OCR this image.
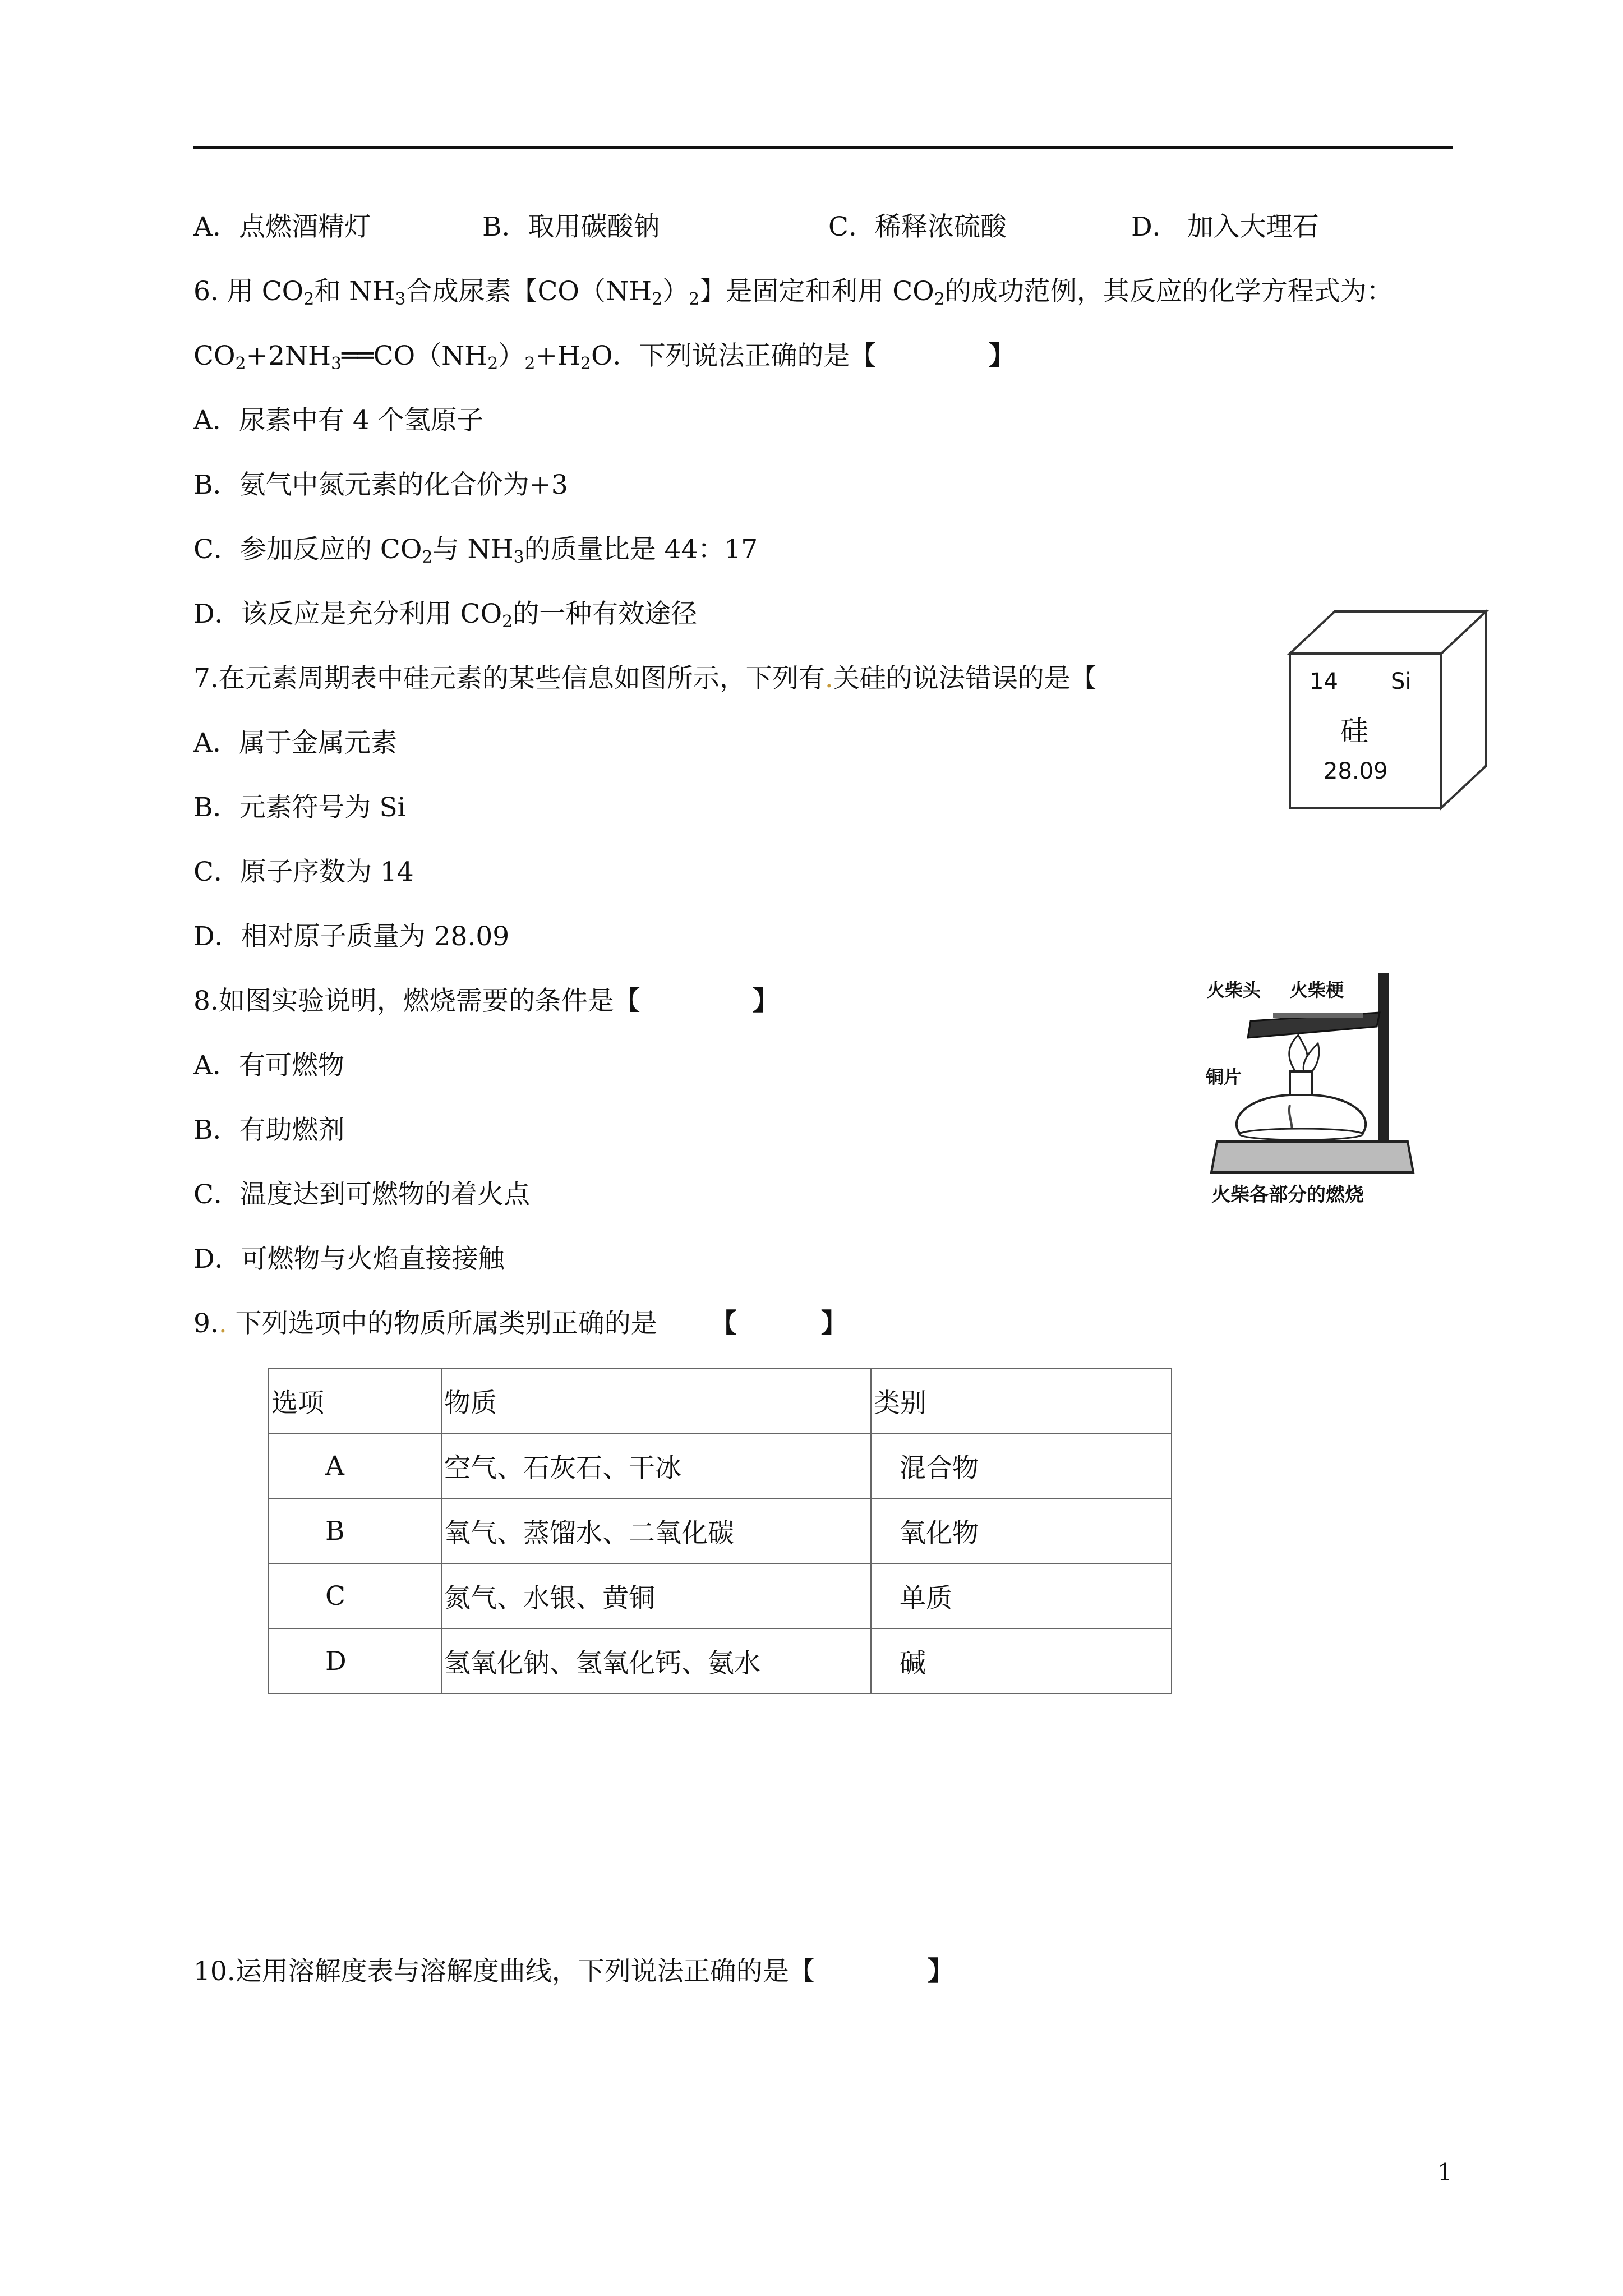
A．点燃酒精灯	B．取用碳酸钠	C．稀释浓硫酸	D． 加入大理石
6. 用 $CO_2$和 $NH_3$合成尿素【$CO(NH_2)_2$】是固定和利用 $CO_2$的成功范例，其反应的化学方程式为：
$CO_2+2NH_3══CO(NH_2)_2+H_2O$．下列说法正确的是【	】
A．尿素中有 4 个氢原子
B．氨气中氮元素的化合价为+3
C．参加反应的 $CO_2$与 $NH_3$的质量比是 44：17
D．该反应是充分利用 $CO_2$的一种有效途径
7.在元素周期表中硅元素的某些信息如图所示，下列有.关硅的说法错误的是【
A．属于金属元素
B．元素符号为 Si
C．原子序数为 14
D．相对原子质量为 28.09
14 Si
硅
28.09
8.如图实验说明，燃烧需要的条件是【	】
A．有可燃物
B．有助燃剂
C．温度达到可燃物的着火点
D．可燃物与火焰直接接触
火柴头 火柴梗
铜片
火柴各部分的燃烧
9.. 下列选项中的物质所属类别正确的是 【	】
选项	物质	类别
A	空气、石灰石、干冰	混合物
B	氧气、蒸馏水、二氧化碳	氧化物
C	氮气、水银、黄铜	单质
D	氢氧化钠、氢氧化钙、氨水	碱
10.运用溶解度表与溶解度曲线，下列说法正确的是【	】
1
